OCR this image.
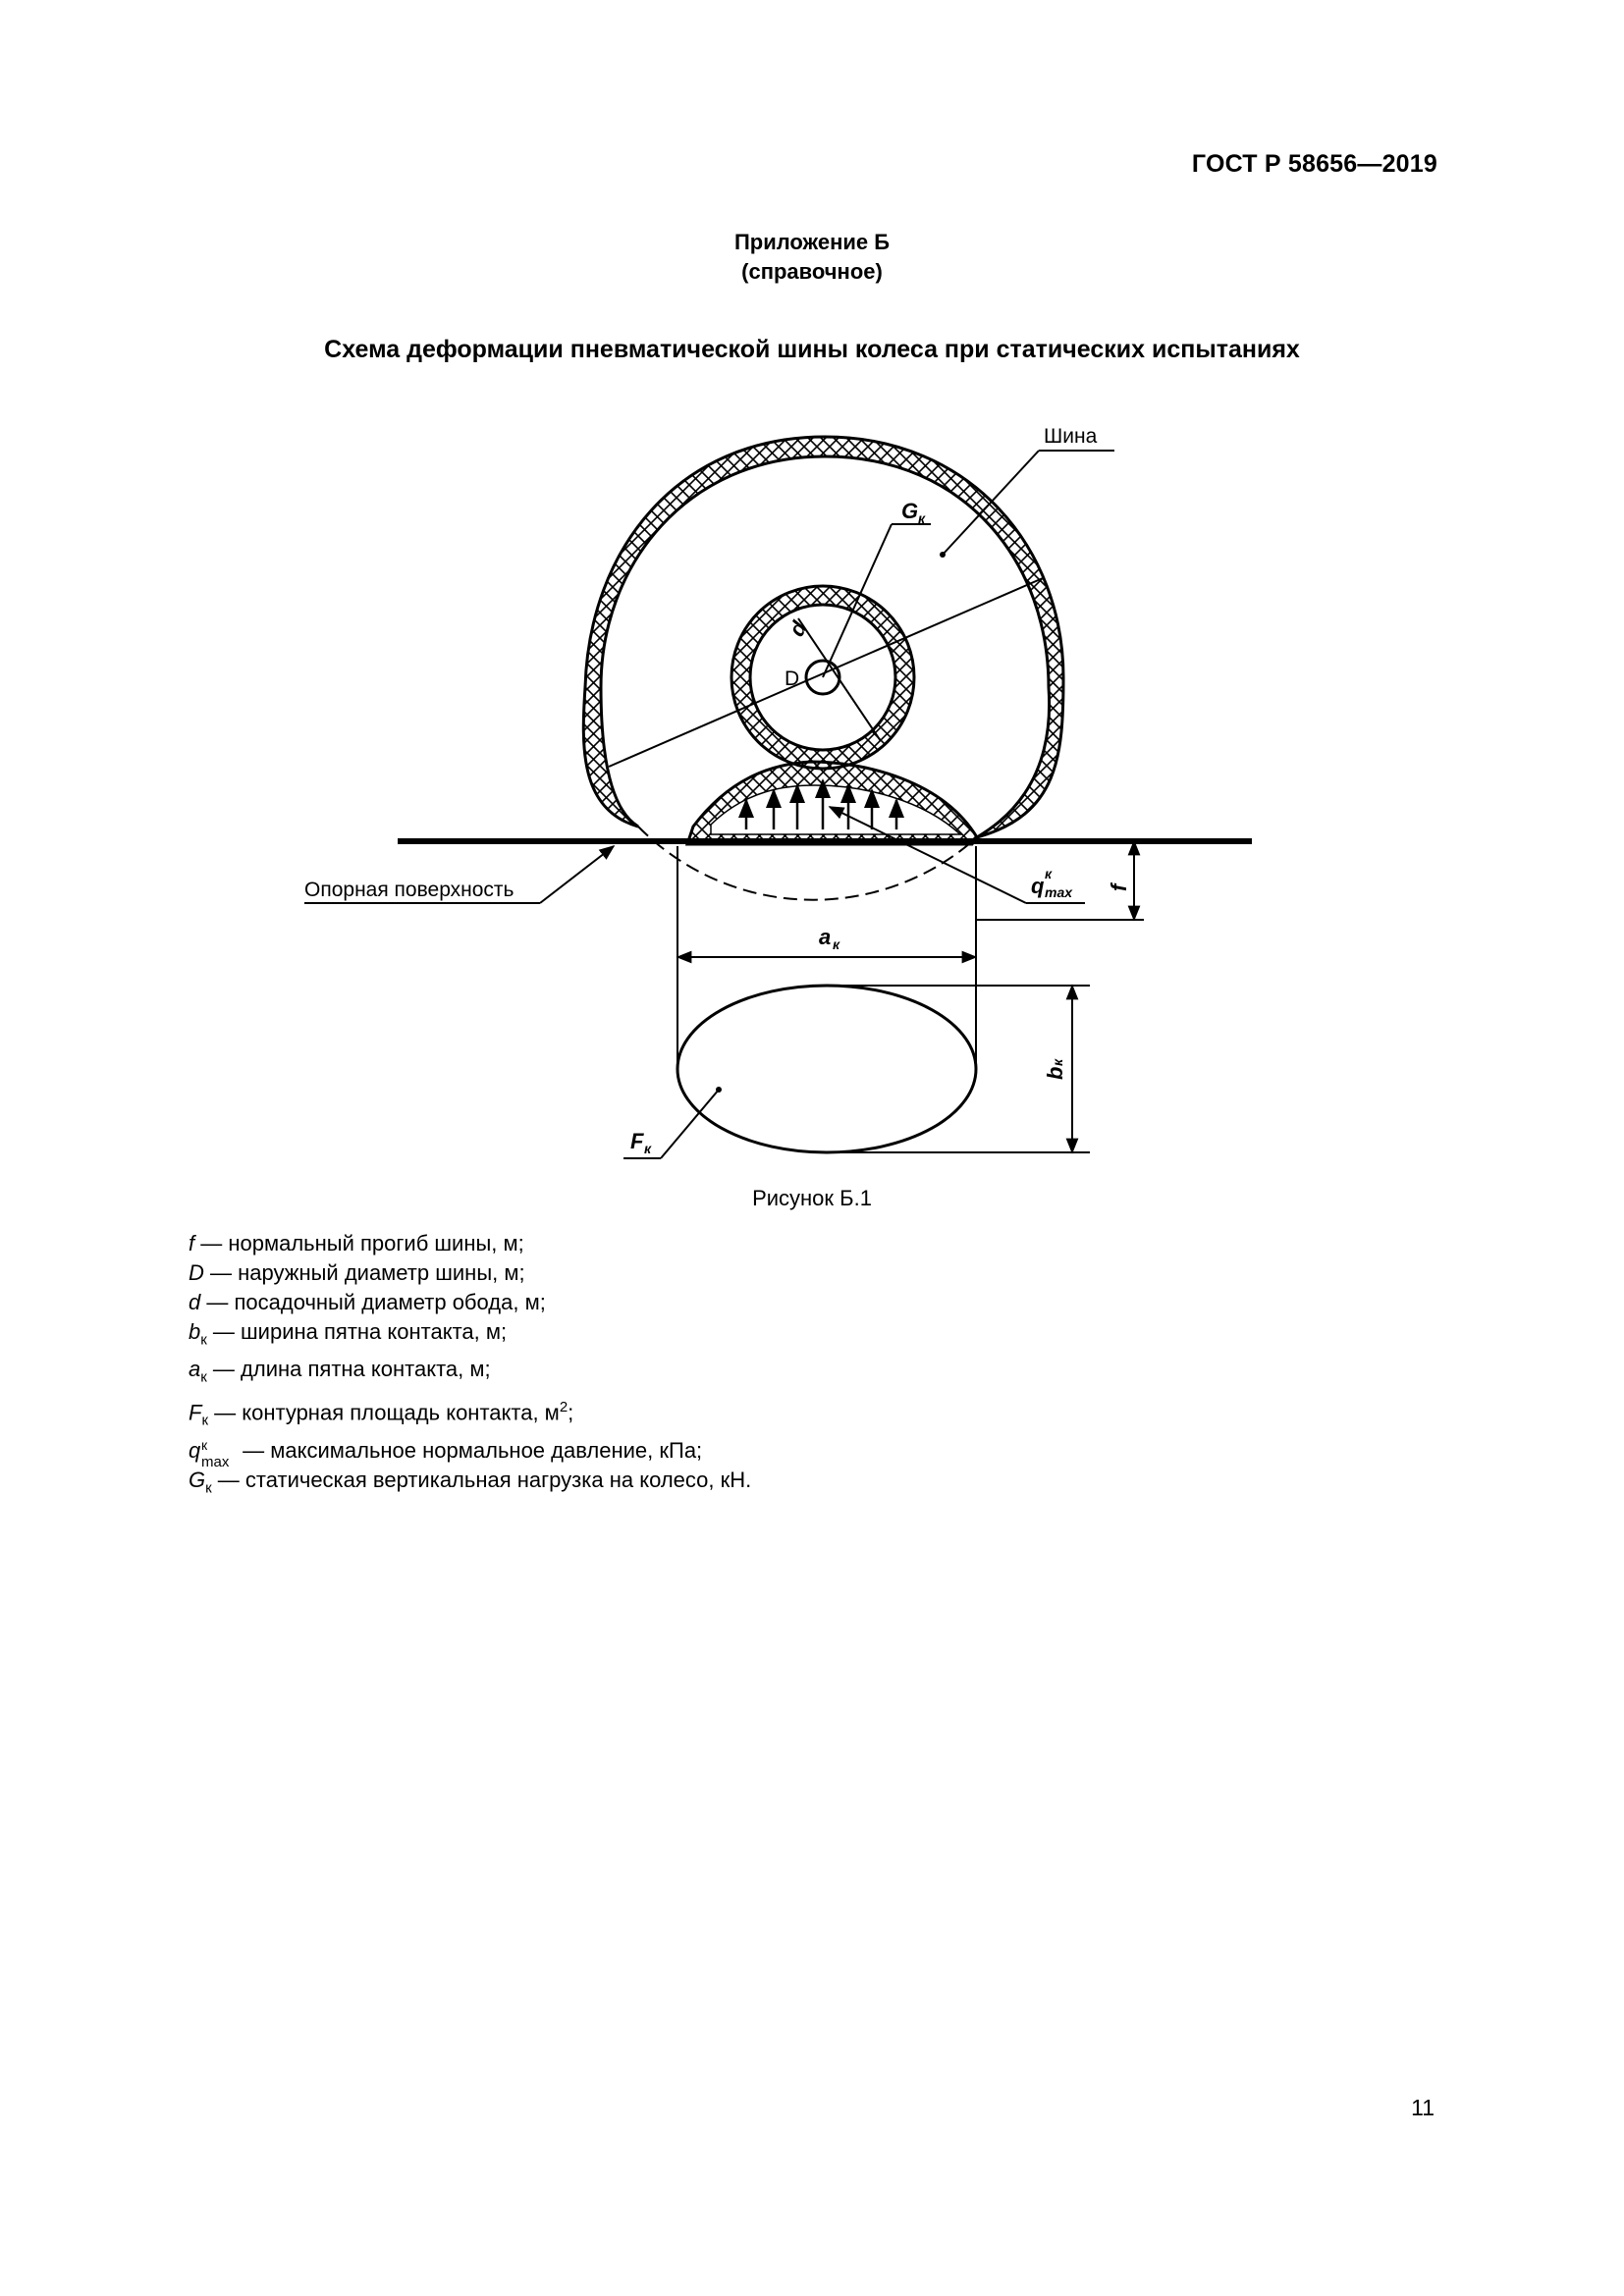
ГОСТ Р 58656—2019
Приложение Б
(справочное)
Схема деформации пневматической шины колеса при статических испытаниях
G к
d
D
Шина
q к
max
Опорная поверхность	f
a к
b
к
F к
Рисунок Б.1
f — нормальный прогиб шины, м;
D — наружный диаметр шины, м;
d — посадочный диаметр обода, м;
$b_к$ — ширина пятна контакта, м;
$a_к$ — длина пятна контакта, м;
$F_к$ — контурная площадь контакта, $м^2$;
q к
max — максимальное нормальное давление, кПа;
$G_к$ — статическая вертикальная нагрузка на колесо, кН.
11
